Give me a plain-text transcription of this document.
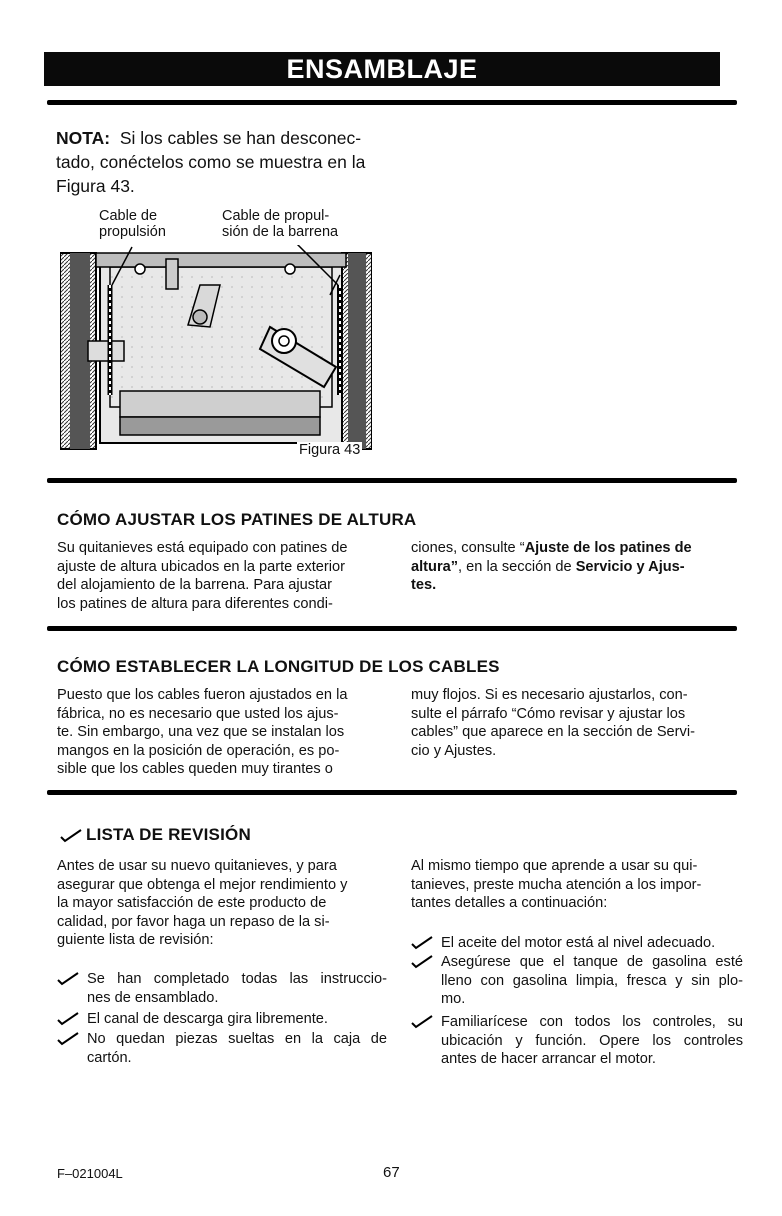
ENSAMBLAJE
NOTA: Si los cables se han desconec-
tado, conéctelos como se muestra en la
Figura 43.
Cable de
propulsión
Cable de propul-
sión de la barrena
Figura 43
CÓMO AJUSTAR LOS PATINES DE ALTURA
Su quitanieves está equipado con patines de
ajuste de altura ubicados en la parte exterior
del alojamiento de la barrena. Para ajustar
los patines de altura para diferentes condi-
ciones, consulte “Ajuste de los patines de
altura”, en la sección de Servicio y Ajus-
tes.
CÓMO ESTABLECER LA LONGITUD DE LOS CABLES
Puesto que los cables fueron ajustados en la
fábrica, no es necesario que usted los ajus-
te. Sin embargo, una vez que se instalan los
mangos en la posición de operación, es po-
sible que los cables queden muy tirantes o
muy flojos. Si es necesario ajustarlos, con-
sulte el párrafo “Cómo revisar y ajustar los
cables” que aparece en la sección de Servi-
cio y Ajustes.
LISTA DE REVISIÓN
Antes de usar su nuevo quitanieves, y para
asegurar que obtenga el mejor rendimiento y
la mayor satisfacción de este producto de
calidad, por favor haga un repaso de la si-
guiente lista de revisión:
Se han completado todas las instruccio-
nes de ensamblado.
El canal de descarga gira libremente.
No quedan piezas sueltas en la caja de
cartón.
Al mismo tiempo que aprende a usar su qui-
tanieves, preste mucha atención a los impor-
tantes detalles a continuación:
El aceite del motor está al nivel adecuado.
Asegúrese que el tanque de gasolina esté
lleno con gasolina limpia, fresca y sin plo-
mo.
Familiarícese con todos los controles, su
ubicación y función. Opere los controles
antes de hacer arrancar el motor.
F–021004L	67
